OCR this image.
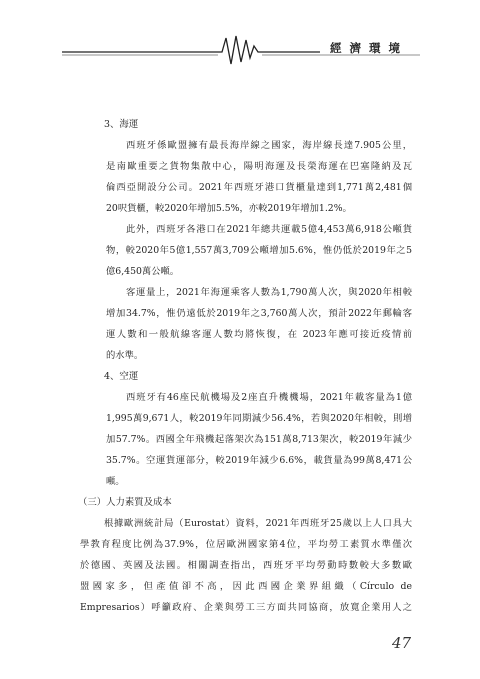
經濟環境
3、海運
西班牙係歐盟擁有最長海岸線之國家，海岸線長達7.905公里，
是南歐重要之貨物集散中心，陽明海運及長榮海運在巴塞隆納及瓦
倫西亞開設分公司。2021年西班牙港口貨櫃量達到1,771萬2,481個
20呎貨櫃，較2020年增加5.5%，亦較2019年增加1.2%。
此外，西班牙各港口在2021年總共運載5億4,453萬6,918公噸貨
物，較2020年5億1,557萬3,709公噸增加5.6%，惟仍低於2019年之5
億6,450萬公噸。
客運量上，2021年海運乘客人數為1,790萬人次，與2020年相較
增加34.7%，惟仍遠低於2019年之3,760萬人次，預計2022年郵輪客
運人數和一般航線客運人數均將恢復，在 2023年應可接近疫情前
的水準。
4、空運
西班牙有46座民航機場及2座直升機機場，2021年載客量為1億
1,995萬9,671人，較2019年同期減少56.4%，若與2020年相較，則增
加57.7%。西國全年飛機起落架次為151萬8,713架次，較2019年減少
35.7%。空運貨運部分，較2019年減少6.6%，載貨量為99萬8,471公
噸。
（三）人力素質及成本
根據歐洲統計局（Eurostat）資料，2021年西班牙25歲以上人口具大
學教育程度比例為37.9%，位居歐洲國家第4位，平均勞工素質水準僅次
於德國、英國及法國。相關調查指出，西班牙平均勞動時數較大多數歐
盟國家多，但產值卻不高，因此西國企業界組織（Círculo de
Empresarios）呼籲政府、企業與勞工三方面共同協商，放寬企業用人之
47
